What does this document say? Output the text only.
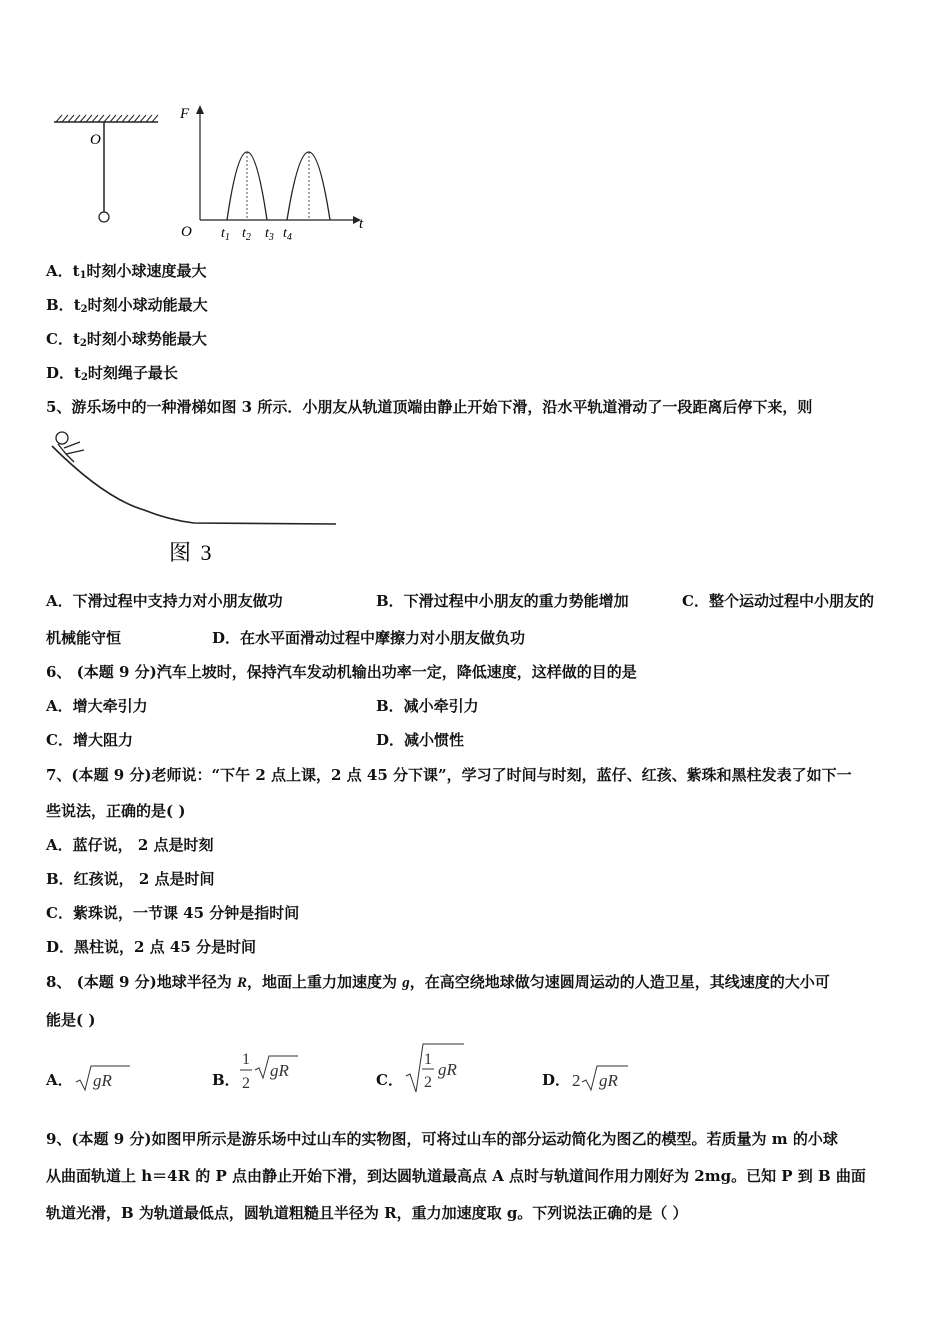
O
F
t
O $t_1$ $t_2$ $t_3$ $t_4$
A．$t_1$时刻小球速度最大
B．$t_2$时刻小球动能最大
C．$t_2$时刻小球势能最大
D．$t_2$时刻绳子最长
5、游乐场中的一种滑梯如图 3 所示．小朋友从轨道顶端由静止开始下滑，沿水平轨道滑动了一段距离后停下来，则
图 3
A．下滑过程中支持力对小朋友做功	B．下滑过程中小朋友的重力势能增加	C．整个运动过程中小朋友的
机械能守恒	D．在水平面滑动过程中摩擦力对小朋友做负功
6、 (本题 9 分)汽车上坡时，保持汽车发动机输出功率一定，降低速度，这样做的目的是
A．增大牵引力	B．减小牵引力
C．增大阻力	D．减小惯性
7、(本题 9 分)老师说：“下午 2 点上课，2 点 45 分下课”，学习了时间与时刻，蓝仔、红孩、紫珠和黑柱发表了如下一
些说法，正确的是( )
A．蓝仔说， 2 点是时刻
B．红孩说， 2 点是时间
C．紫珠说，一节课 45 分钟是指时间
D．黑柱说，2 点 45 分是时间
8、 (本题 9 分)地球半径为 R，地面上重力加速度为 g，在高空绕地球做匀速圆周运动的人造卫星，其线速度的大小可
能是( )
A． gR	B．
1
2
gR	C．
1
2
gR
D． 2 gR
9、(本题 9 分)如图甲所示是游乐场中过山车的实物图，可将过山车的部分运动简化为图乙的模型。若质量为 m 的小球
从曲面轨道上 h＝4R 的 P 点由静止开始下滑，到达圆轨道最高点 A 点时与轨道间作用力刚好为 2mg。已知 P 到 B 曲面
轨道光滑，B 为轨道最低点，圆轨道粗糙且半径为 R，重力加速度取 g。下列说法正确的是（ ）
